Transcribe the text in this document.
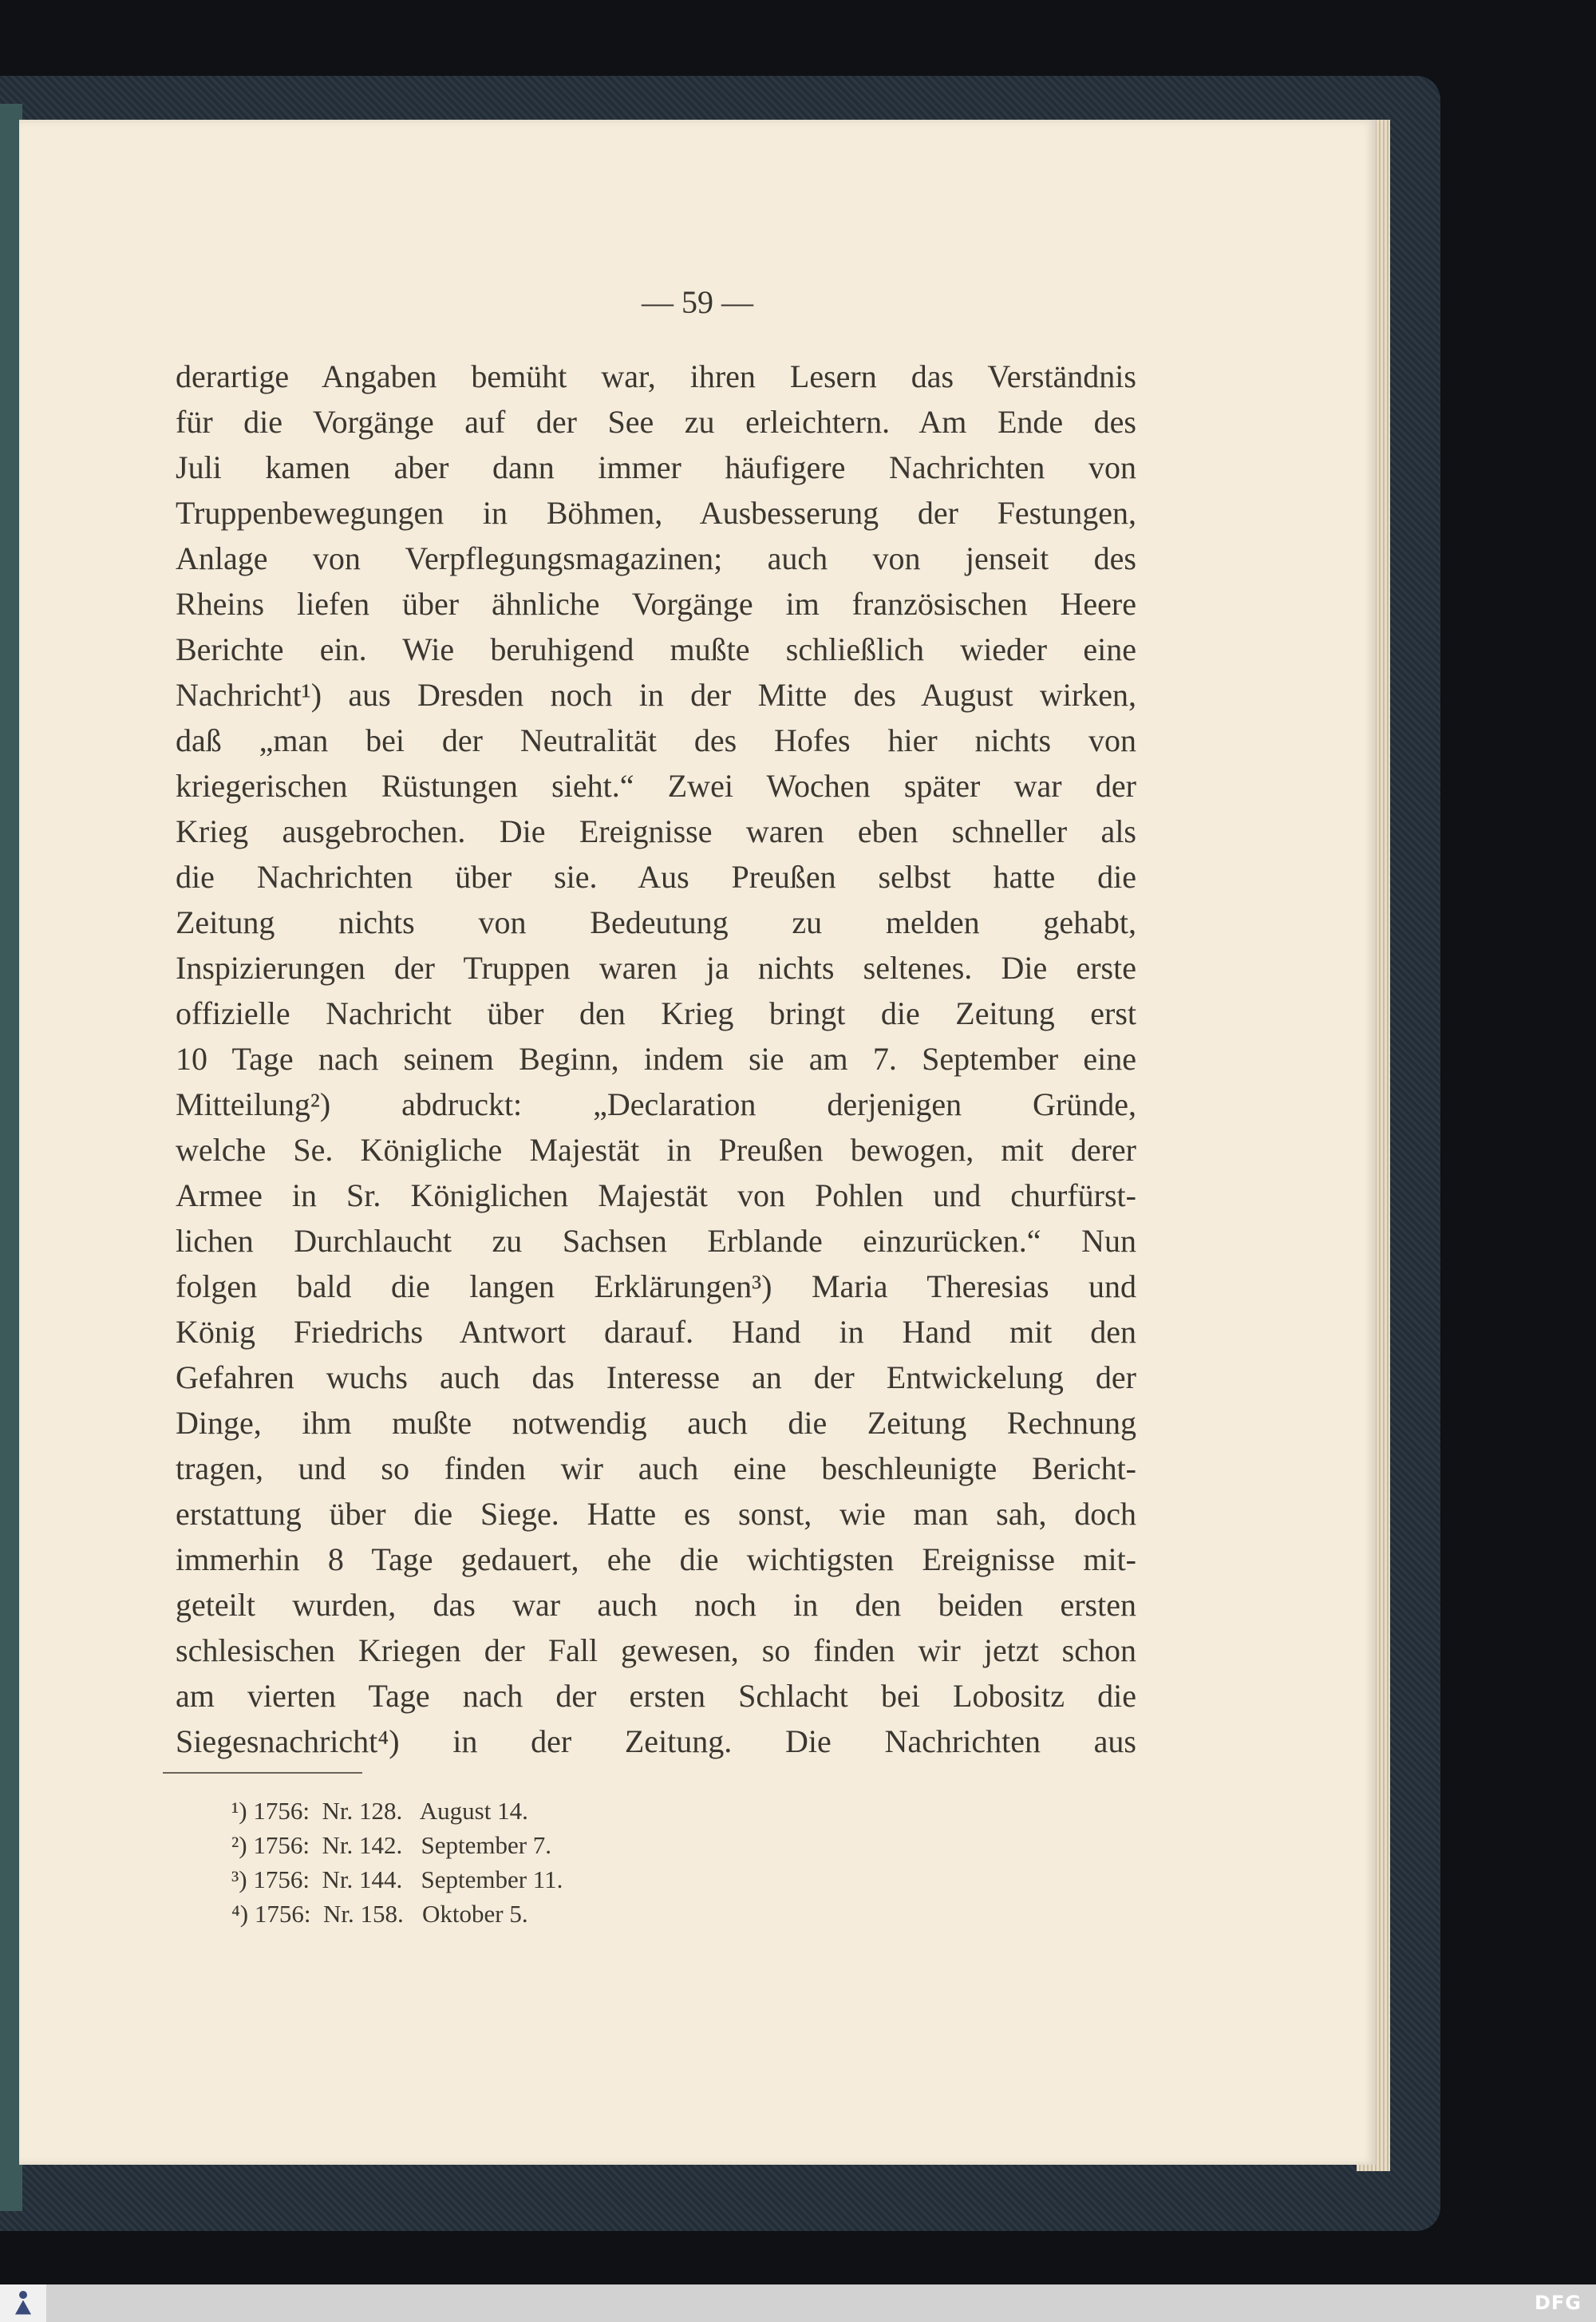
— 59 —
derartige Angaben bemüht war, ihren Lesern das Verständnis
für die Vorgänge auf der See zu erleichtern. Am Ende des
Juli kamen aber dann immer häufigere Nachrichten von
Truppenbewegungen in Böhmen, Ausbesserung der Festungen,
Anlage von Verpflegungsmagazinen; auch von jenseit des
Rheins liefen über ähnliche Vorgänge im französischen Heere
Berichte ein. Wie beruhigend mußte schließlich wieder eine
Nachricht¹) aus Dresden noch in der Mitte des August wirken,
daß „man bei der Neutralität des Hofes hier nichts von
kriegerischen Rüstungen sieht.“ Zwei Wochen später war der
Krieg ausgebrochen. Die Ereignisse waren eben schneller als
die Nachrichten über sie. Aus Preußen selbst hatte die
Zeitung nichts von Bedeutung zu melden gehabt,
Inspizierungen der Truppen waren ja nichts seltenes. Die erste
offizielle Nachricht über den Krieg bringt die Zeitung erst
10 Tage nach seinem Beginn, indem sie am 7. September eine
Mitteilung²) abdruckt: „Declaration derjenigen Gründe,
welche Se. Königliche Majestät in Preußen bewogen, mit derer
Armee in Sr. Königlichen Majestät von Pohlen und churfürst-
lichen Durchlaucht zu Sachsen Erblande einzurücken.“ Nun
folgen bald die langen Erklärungen³) Maria Theresias und
König Friedrichs Antwort darauf. Hand in Hand mit den
Gefahren wuchs auch das Interesse an der Entwickelung der
Dinge, ihm mußte notwendig auch die Zeitung Rechnung
tragen, und so finden wir auch eine beschleunigte Bericht-
erstattung über die Siege. Hatte es sonst, wie man sah, doch
immerhin 8 Tage gedauert, ehe die wichtigsten Ereignisse mit-
geteilt wurden, das war auch noch in den beiden ersten
schlesischen Kriegen der Fall gewesen, so finden wir jetzt schon
am vierten Tage nach der ersten Schlacht bei Lobositz die
Siegesnachricht⁴) in der Zeitung. Die Nachrichten aus
¹) 1756:  Nr. 128.   August 14.
²) 1756:  Nr. 142.   September 7.
³) 1756:  Nr. 144.   September 11.
⁴) 1756:  Nr. 158.   Oktober 5.
DFG
